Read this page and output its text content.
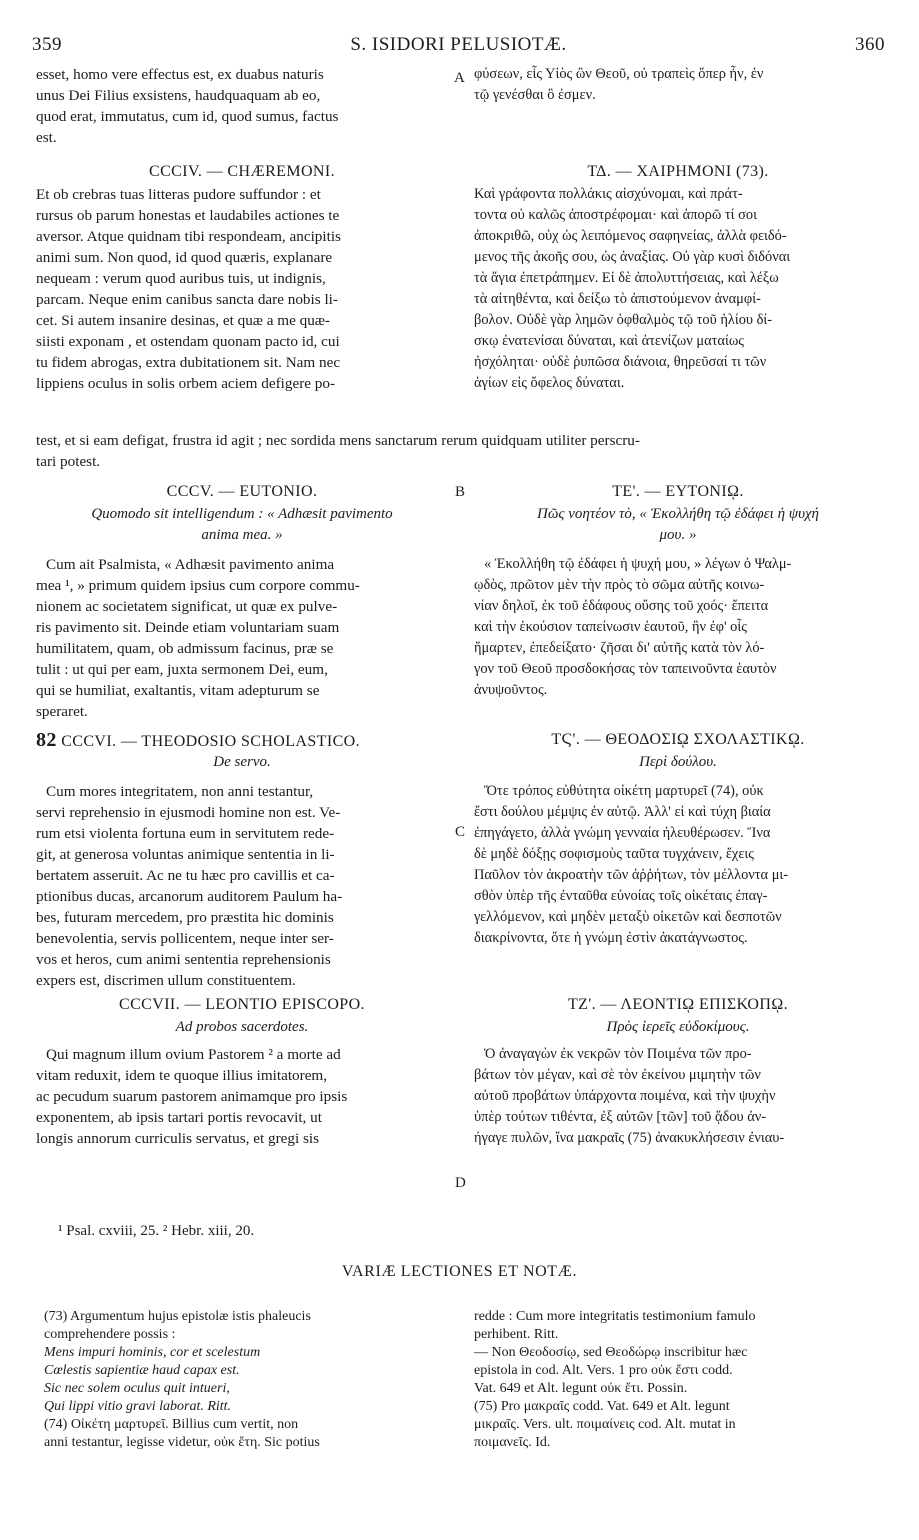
359	S. ISIDORI PELUSIOTÆ.	360
A
B
C
D
esset, homo vere effectus est, ex duabus naturis
unus Dei Filius exsistens, haudquaquam ab eo,
quod erat, immutatus, cum id, quod sumus, factus
est.
CCCIV. — CHÆREMONI.
Et ob crebras tuas litteras pudore suffundor : et
rursus ob parum honestas et laudabiles actiones te
aversor. Atque quidnam tibi respondeam, ancipitis
animi sum. Non quod, id quod quæris, explanare
nequeam : verum quod auribus tuis, ut indignis,
parcam. Neque enim canibus sancta dare nobis li-
cet. Si autem insanire desinas, et quæ a me quæ-
siisti exponam , et ostendam quonam pacto id, cui
tu fidem abrogas, extra dubitationem sit. Nam nec
lippiens oculus in solis orbem aciem defigere po-
φύσεων, εἷς Υἱὸς ὢν Θεοῦ, οὐ τραπεὶς ὅπερ ἦν, ἐν
τῷ γενέσθαι ὃ ἐσμεν.
ΤΔ. — ΧΑΙΡΗΜΟΝΙ (73).
Καὶ γράφοντα πολλάκις αἰσχύνομαι, καὶ πράτ-
τοντα οὐ καλῶς ἀποστρέφομαι· καὶ ἀπορῶ τί σοι
ἀποκριθῶ, οὐχ ὡς λειπόμενος σαφηνείας, ἀλλὰ φειδό-
μενος τῆς ἀκοῆς σου, ὡς ἀναξίας. Οὐ γὰρ κυσὶ διδόναι
τὰ ἅγια ἐπετράπημεν. Εἰ δὲ ἀπολυττήσειας, καὶ λέξω
τὰ αἰτηθέντα, καὶ δείξω τὸ ἀπιστούμενον ἀναμφί-
βολον. Οὐδὲ γὰρ λημῶν ὀφθαλμὸς τῷ τοῦ ἡλίου δί-
σκῳ ἐνατενίσαι δύναται, καὶ ἀτενίζων ματαίως
ἠσχόληται· οὐδὲ ῥυπῶσα διάνοια, θηρεῦσαί τι τῶν
ἁγίων εἰς ὄφελος δύναται.
test, et si eam defigat, frustra id agit ; nec sordida mens sanctarum rerum quidquam utiliter perscru-
tari potest.
CCCV. — EUTONIO.
Quomodo sit intelligendum : « Adhæsit pavimento
anima mea. »
Cum ait Psalmista, « Adhæsit pavimento anima
mea ¹, » primum quidem ipsius cum corpore commu-
nionem ac societatem significat, ut quæ ex pulve-
ris pavimento sit. Deinde etiam voluntariam suam
humilitatem, quam, ob admissum facinus, præ se
tulit : ut qui per eam, juxta sermonem Dei, eum,
qui se humiliat, exaltantis, vitam adepturum se
speraret.
82 CCCVI. — THEODOSIO SCHOLASTICO.
De servo.
Cum mores integritatem, non anni testantur,
servi reprehensio in ejusmodi homine non est. Ve-
rum etsi violenta fortuna eum in servitutem rede-
git, at generosa voluntas animique sententia in li-
bertatem asseruit. Ac ne tu hæc pro cavillis et ca-
ptionibus ducas, arcanorum auditorem Paulum ha-
bes, futuram mercedem, pro præstita hic dominis
benevolentia, servis pollicentem, neque inter ser-
vos et heros, cum animi sententia reprehensionis
expers est, discrimen ullum constituentem.
CCCVII. — LEONTIO EPISCOPO.
Ad probos sacerdotes.
Qui magnum illum ovium Pastorem ² a morte ad
vitam reduxit, idem te quoque illius imitatorem,
ac pecudum suarum pastorem animamque pro ipsis
exponentem, ab ipsis tartari portis revocavit, ut
longis annorum curriculis servatus, et gregi sis
ΤΕ'. — ΕΥΤΟΝΙῼ.
Πῶς νοητέον τὸ, « Ἐκολλήθη τῷ ἐδάφει ἡ ψυχή
μου. »
« Ἐκολλήθη τῷ ἐδάφει ἡ ψυχή μου, » λέγων ὁ Ψαλμ-
ῳδὸς, πρῶτον μὲν τὴν πρὸς τὸ σῶμα αὐτῆς κοινω-
νίαν δηλοῖ, ἐκ τοῦ ἐδάφους οὔσης τοῦ χοός· ἔπειτα
καὶ τὴν ἑκούσιον ταπείνωσιν ἑαυτοῦ, ἣν ἐφ' οἷς
ἥμαρτεν, ἐπεδείξατο· ζῆσαι δι' αὐτῆς κατὰ τὸν λό-
γον τοῦ Θεοῦ προσδοκήσας τὸν ταπεινοῦντα ἑαυτὸν
ἀνυψοῦντος.
ΤϚ'. — ΘΕΟΔΟΣΙῼ ΣΧΟΛΑΣΤΙΚῼ.
Περὶ δούλου.
Ὅτε τρόπος εὐθύτητα οἰκέτη μαρτυρεῖ (74), οὐκ
ἔστι δούλου μέμψις ἐν αὐτῷ. Ἀλλ' εἰ καὶ τύχη βιαία
ἐπηγάγετο, ἀλλὰ γνώμη γενναία ἠλευθέρωσεν. Ἵνα
δὲ μηδὲ δόξῃς σοφισμοὺς ταῦτα τυγχάνειν, ἔχεις
Παῦλον τὸν ἀκροατὴν τῶν ἀῤῥήτων, τὸν μέλλοντα μι-
σθὸν ὑπὲρ τῆς ἐνταῦθα εὐνοίας τοῖς οἰκέταις ἐπαγ-
γελλόμενον, καὶ μηδὲν μεταξὺ οἰκετῶν καὶ δεσποτῶν
διακρίνοντα, ὅτε ἡ γνώμη ἐστὶν ἀκατάγνωστος.
ΤΖ'. — ΛΕΟΝΤΙῼ ΕΠΙΣΚΟΠῼ.
Πρὸς ἱερεῖς εὐδοκίμους.
Ὁ ἀναγαγὼν ἐκ νεκρῶν τὸν Ποιμένα τῶν προ-
βάτων τὸν μέγαν, καὶ σὲ τὸν ἐκείνου μιμητὴν τῶν
αὐτοῦ προβάτων ὑπάρχοντα ποιμένα, καὶ τὴν ψυχὴν
ὑπὲρ τούτων τιθέντα, ἐξ αὐτῶν [τῶν] τοῦ ᾅδου ἀν-
ήγαγε πυλῶν, ἵνα μακραῖς (75) ἀνακυκλήσεσιν ἐνιαυ-
¹ Psal. cxviii, 25. ² Hebr. xiii, 20.
VARIÆ LECTIONES ET NOTÆ.
(73) Argumentum hujus epistolæ istis phaleucis
comprehendere possis :
Mens impuri hominis, cor et scelestum
Cœlestis sapientiæ haud capax est.
Sic nec solem oculus quit intueri,
Qui lippi vitio gravi laborat. Ritt.
(74) Οἰκέτη μαρτυρεῖ. Billius cum vertit, non
anni testantur, legisse videtur, οὐκ ἔτη. Sic potius
redde : Cum more integritatis testimonium famulo
perhibent. Ritt.
— Non Θεοδοσίῳ, sed Θεοδώρῳ inscribitur hæc
epistola in cod. Alt. Vers. 1 pro οὐκ ἔστι codd.
Vat. 649 et Alt. legunt οὐκ ἔτι. Possin.
(75) Pro μακραῖς codd. Vat. 649 et Alt. legunt
μικραῖς. Vers. ult. ποιμαίνεις cod. Alt. mutat in
ποιμανεῖς. Id.
